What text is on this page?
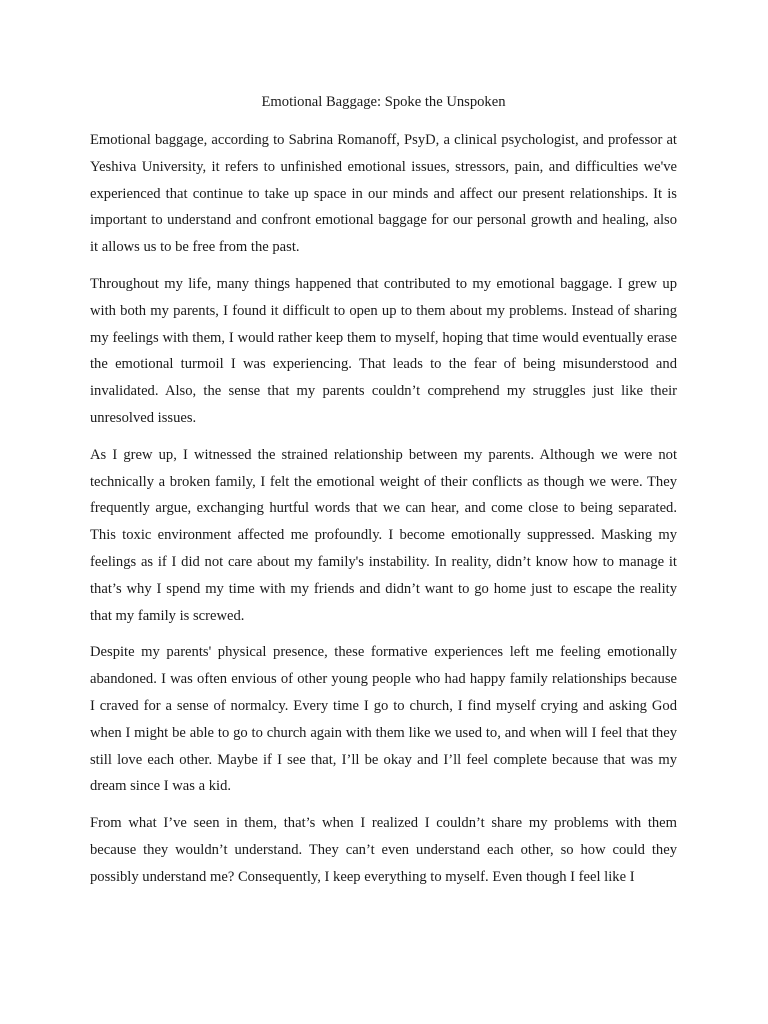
Emotional Baggage: Spoke the Unspoken

Emotional baggage, according to Sabrina Romanoff, PsyD, a clinical psychologist, and professor at Yeshiva University, it refers to unfinished emotional issues, stressors, pain, and difficulties we've experienced that continue to take up space in our minds and affect our present relationships. It is important to understand and confront emotional baggage for our personal growth and healing, also it allows us to be free from the past.

Throughout my life, many things happened that contributed to my emotional baggage. I grew up with both my parents, I found it difficult to open up to them about my problems. Instead of sharing my feelings with them, I would rather keep them to myself, hoping that time would eventually erase the emotional turmoil I was experiencing. That leads to the fear of being misunderstood and invalidated. Also, the sense that my parents couldn’t comprehend my struggles just like their unresolved issues.

As I grew up, I witnessed the strained relationship between my parents. Although we were not technically a broken family, I felt the emotional weight of their conflicts as though we were. They frequently argue, exchanging hurtful words that we can hear, and come close to being separated. This toxic environment affected me profoundly. I become emotionally suppressed. Masking my feelings as if I did not care about my family's instability. In reality, didn’t know how to manage it that’s why I spend my time with my friends and didn’t want to go home just to escape the reality that my family is screwed.

Despite my parents' physical presence, these formative experiences left me feeling emotionally abandoned. I was often envious of other young people who had happy family relationships because I craved for a sense of normalcy. Every time I go to church, I find myself crying and asking God when I might be able to go to church again with them like we used to, and when will I feel that they still love each other. Maybe if I see that, I’ll be okay and I’ll feel complete because that was my dream since I was a kid.

From what I’ve seen in them, that’s when I realized I couldn’t share my problems with them because they wouldn’t understand. They can’t even understand each other, so how could they possibly understand me? Consequently, I keep everything to myself. Even though I feel like I
